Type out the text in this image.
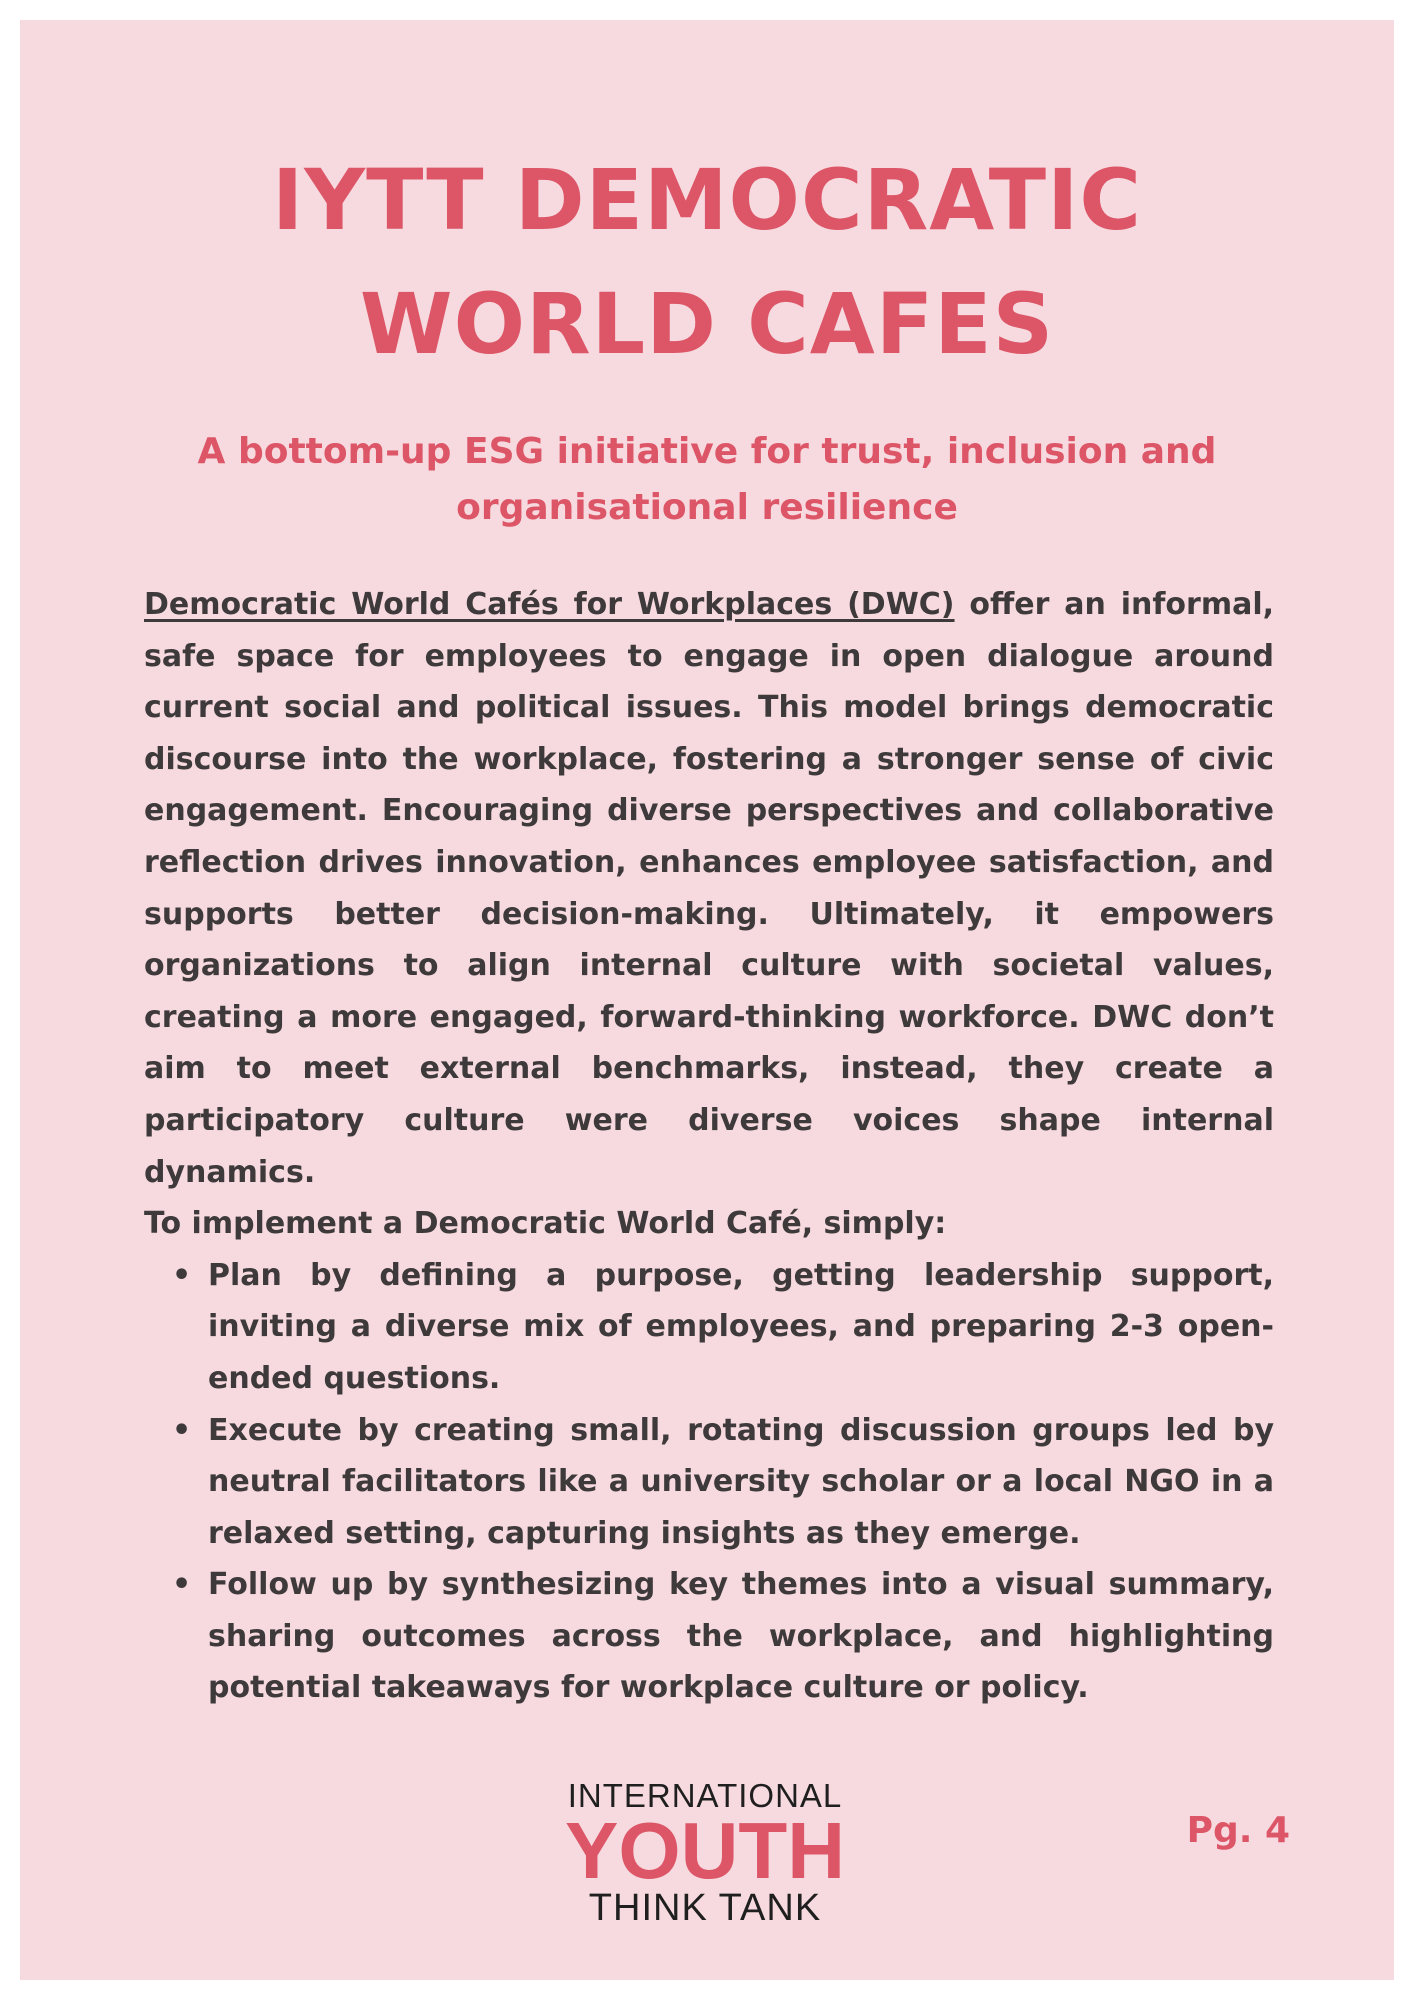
IYTT DEMOCRATIC
WORLD CAFES
A bottom-up ESG initiative for trust, inclusion and
organisational resilience

Democratic World Cafés for Workplaces (DWC) offer an informal, safe space for employees to engage in open dialogue around current social and political issues. This model brings democratic discourse into the workplace, fostering a stronger sense of civic engagement. Encouraging diverse perspectives and collaborative reflection drives innovation, enhances employee satisfaction, and supports better decision-making. Ultimately, it empowers organizations to align internal culture with societal values, creating a more engaged, forward-thinking workforce. DWC don’t aim to meet external benchmarks, instead, they create a participatory culture were diverse voices shape internal dynamics.

To implement a Democratic World Café, simply:

• Plan by defining a purpose, getting leadership support, inviting a diverse mix of employees, and preparing 2-3 open-ended questions.
• Execute by creating small, rotating discussion groups led by neutral facilitators like a university scholar or a local NGO in a relaxed setting, capturing insights as they emerge.
• Follow up by synthesizing key themes into a visual summary, sharing outcomes across the workplace, and highlighting potential takeaways for workplace culture or policy.
INTERNATIONAL
YOUTH
THINK TANK
Pg. 4
